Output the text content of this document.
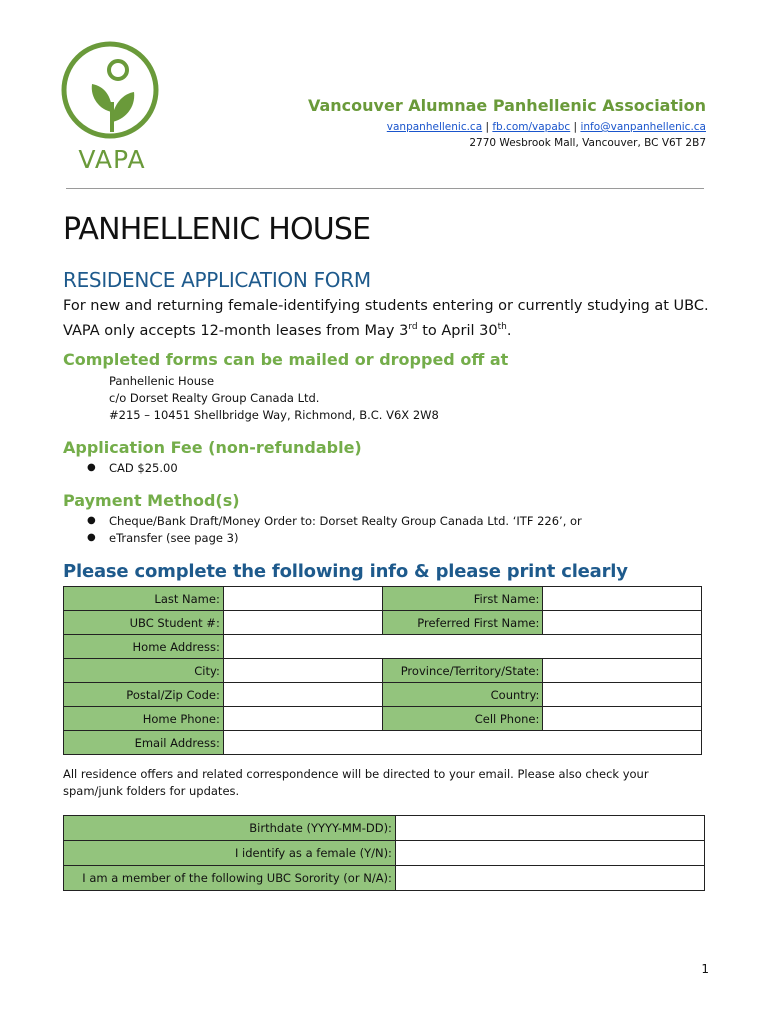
VAPA
Vancouver Alumnae Panhellenic Association
vanpanhellenic.ca | fb.com/vapabc | info@vanpanhellenic.ca
2770 Wesbrook Mall, Vancouver, BC V6T 2B7
PANHELLENIC HOUSE
RESIDENCE APPLICATION FORM
For new and returning female-identifying students entering or currently studying at UBC.
VAPA only accepts 12-month leases from May 3rd to April 30th.
Completed forms can be mailed or dropped off at
Panhellenic House
c/o Dorset Realty Group Canada Ltd.
#215 – 10451 Shellbridge Way, Richmond, B.C. V6X 2W8
Application Fee (non-refundable)
● CAD $25.00
Payment Method(s)
● Cheque/Bank Draft/Money Order to: Dorset Realty Group Canada Ltd. ‘ITF 226’, or
● eTransfer (see page 3)
Please complete the following info & please print clearly
Last Name:		First Name:	
UBC Student #:		Preferred First Name:	
Home Address:			
City:		Province/Territory/State:	
Postal/Zip Code:		Country:	
Home Phone:		Cell Phone:	
Email Address:			
All residence offers and related correspondence will be directed to your email. Please also check your spam/junk folders for updates.
Birthdate (YYYY-MM-DD):	
I identify as a female (Y/N):	
I am a member of the following UBC Sorority (or N/A):	
1
